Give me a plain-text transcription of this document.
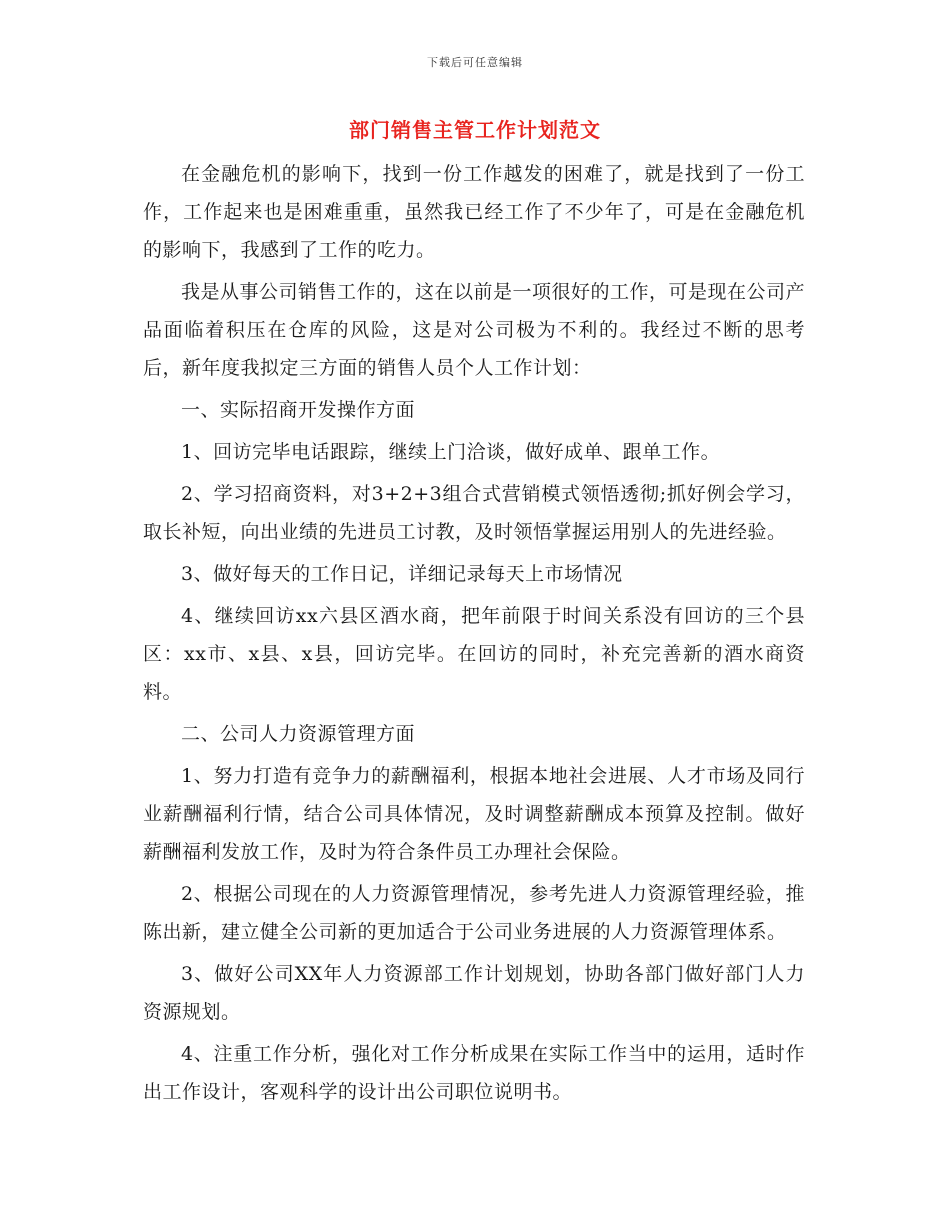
下载后可任意编辑
部门销售主管工作计划范文

在金融危机的影响下，找到一份工作越发的困难了，就是找到了一份工作，工作起来也是困难重重，虽然我已经工作了不少年了，可是在金融危机的影响下，我感到了工作的吃力。

我是从事公司销售工作的，这在以前是一项很好的工作，可是现在公司产品面临着积压在仓库的风险，这是对公司极为不利的。我经过不断的思考后，新年度我拟定三方面的销售人员个人工作计划：

一、实际招商开发操作方面

1、回访完毕电话跟踪，继续上门洽谈，做好成单、跟单工作。

2、学习招商资料，对3+2+3组合式营销模式领悟透彻;抓好例会学习，取长补短，向出业绩的先进员工讨教，及时领悟掌握运用别人的先进经验。

3、做好每天的工作日记，详细记录每天上市场情况

4、继续回访xx六县区酒水商，把年前限于时间关系没有回访的三个县区：xx市、x县、x县，回访完毕。在回访的同时，补充完善新的酒水商资料。

二、公司人力资源管理方面

1、努力打造有竞争力的薪酬福利，根据本地社会进展、人才市场及同行业薪酬福利行情，结合公司具体情况，及时调整薪酬成本预算及控制。做好薪酬福利发放工作，及时为符合条件员工办理社会保险。

2、根据公司现在的人力资源管理情况，参考先进人力资源管理经验，推陈出新，建立健全公司新的更加适合于公司业务进展的人力资源管理体系。

3、做好公司XX年人力资源部工作计划规划，协助各部门做好部门人力资源规划。

4、注重工作分析，强化对工作分析成果在实际工作当中的运用，适时作出工作设计，客观科学的设计出公司职位说明书。
